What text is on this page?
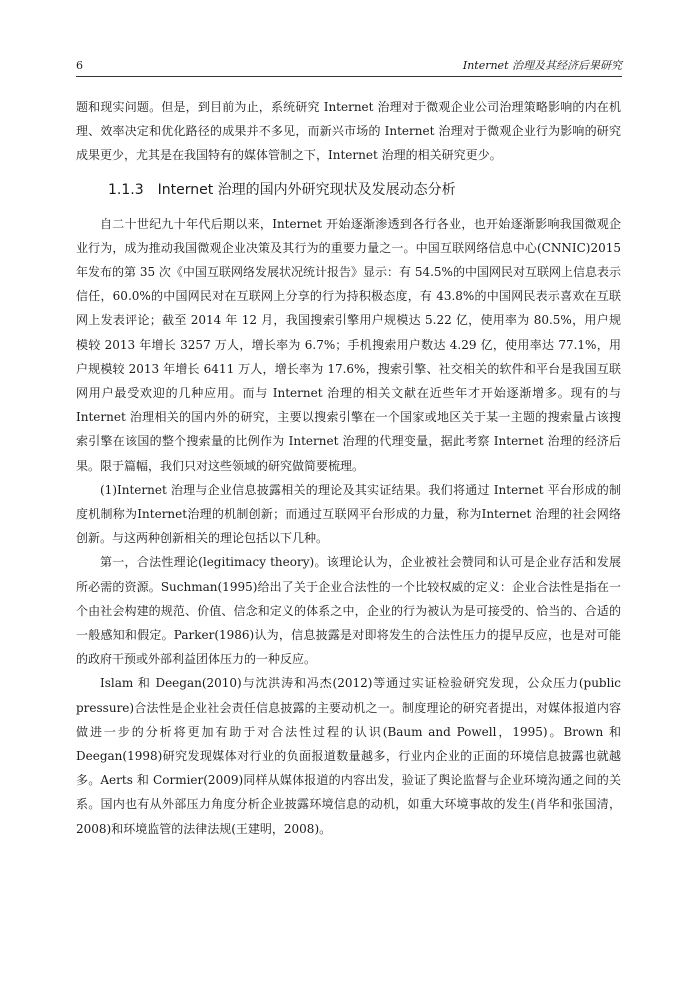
6	Internet 治理及其经济后果研究

题和现实问题。但是，到目前为止，系统研究 Internet 治理对于微观企业公司治理策略影响的内在机理、效率决定和优化路径的成果并不多见，而新兴市场的 Internet 治理对于微观企业行为影响的研究成果更少，尤其是在我国特有的媒体管制之下，Internet 治理的相关研究更少。

1.1.3 Internet 治理的国内外研究现状及发展动态分析

自二十世纪九十年代后期以来，Internet 开始逐渐渗透到各行各业，也开始逐渐影响我国微观企业行为，成为推动我国微观企业决策及其行为的重要力量之一。中国互联网络信息中心(CNNIC)2015 年发布的第 35 次《中国互联网络发展状况统计报告》显示：有 54.5%的中国网民对互联网上信息表示信任，60.0%的中国网民对在互联网上分享的行为持积极态度，有 43.8%的中国网民表示喜欢在互联网上发表评论；截至 2014 年 12 月，我国搜索引擎用户规模达 5.22 亿，使用率为 80.5%，用户规模较 2013 年增长 3257 万人，增长率为 6.7%；手机搜索用户数达 4.29 亿，使用率达 77.1%，用户规模较 2013 年增长 6411 万人，增长率为 17.6%，搜索引擎、社交相关的软件和平台是我国互联网用户最受欢迎的几种应用。而与 Internet 治理的相关文献在近些年才开始逐渐增多。现有的与 Internet 治理相关的国内外的研究，主要以搜索引擎在一个国家或地区关于某一主题的搜索量占该搜索引擎在该国的整个搜索量的比例作为 Internet 治理的代理变量，据此考察 Internet 治理的经济后果。限于篇幅，我们只对这些领域的研究做简要梳理。

(1)Internet 治理与企业信息披露相关的理论及其实证结果。我们将通过 Internet 平台形成的制度机制称为Internet治理的机制创新；而通过互联网平台形成的力量，称为Internet 治理的社会网络创新。与这两种创新相关的理论包括以下几种。

第一，合法性理论(legitimacy theory)。该理论认为，企业被社会赞同和认可是企业存活和发展所必需的资源。Suchman(1995)给出了关于企业合法性的一个比较权威的定义：企业合法性是指在一个由社会构建的规范、价值、信念和定义的体系之中，企业的行为被认为是可接受的、恰当的、合适的一般感知和假定。Parker(1986)认为，信息披露是对即将发生的合法性压力的提早反应，也是对可能的政府干预或外部利益团体压力的一种反应。

Islam 和 Deegan(2010)与沈洪涛和冯杰(2012)等通过实证检验研究发现，公众压力(public pressure)合法性是企业社会责任信息披露的主要动机之一。制度理论的研究者提出，对媒体报道内容做进一步的分析将更加有助于对合法性过程的认识(Baum and Powell，1995)。Brown 和 Deegan(1998)研究发现媒体对行业的负面报道数量越多，行业内企业的正面的环境信息披露也就越多。Aerts 和 Cormier(2009)同样从媒体报道的内容出发，验证了舆论监督与企业环境沟通之间的关系。国内也有从外部压力角度分析企业披露环境信息的动机，如重大环境事故的发生(肖华和张国清，2008)和环境监管的法律法规(王建明，2008)。
